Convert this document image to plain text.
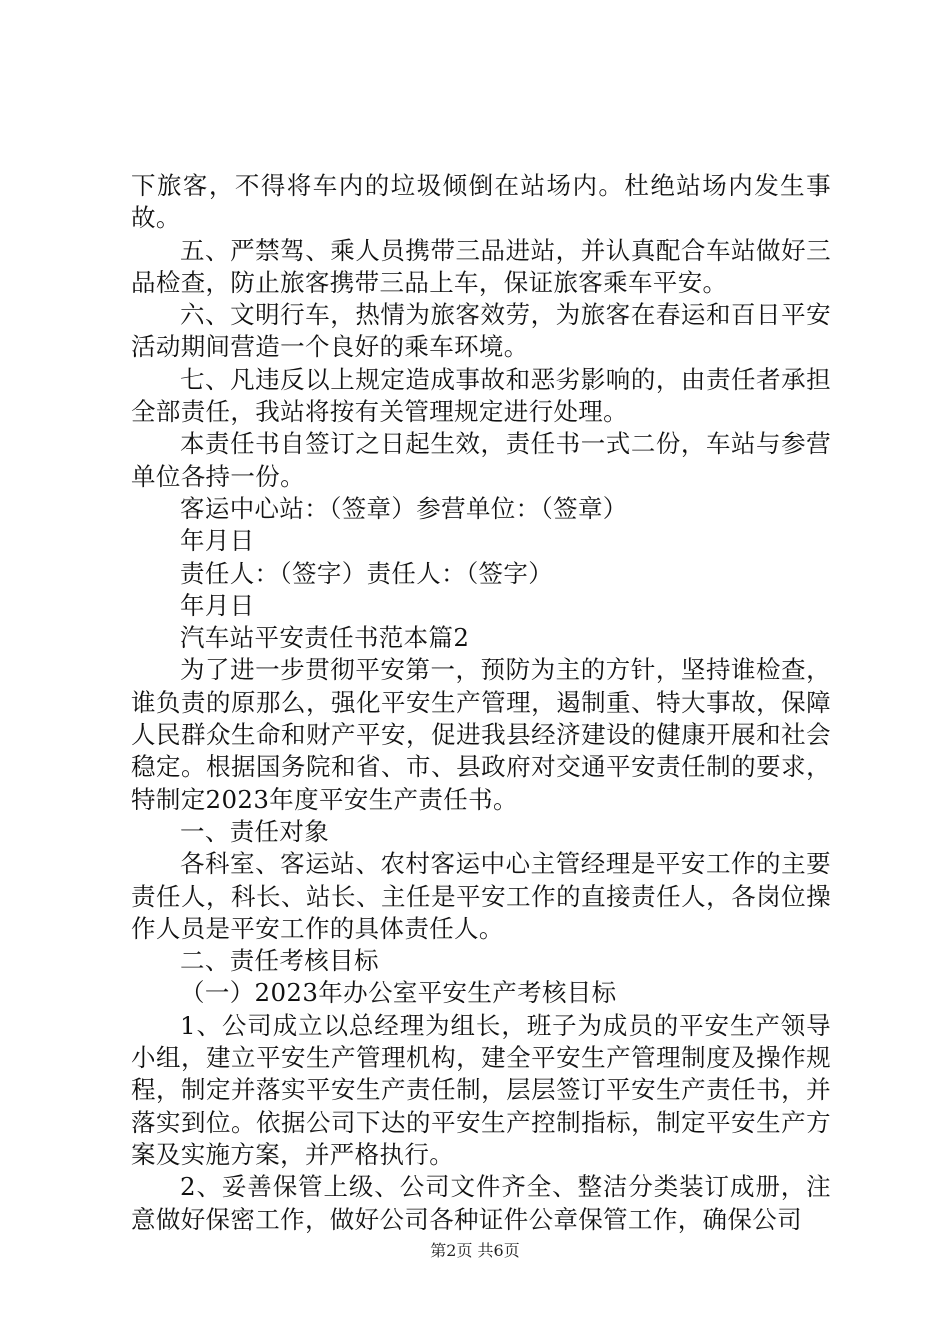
下旅客，不得将车内的垃圾倾倒在站场内。杜绝站场内发生事故。

五、严禁驾、乘人员携带三品进站，并认真配合车站做好三品检查，防止旅客携带三品上车，保证旅客乘车平安。

六、文明行车，热情为旅客效劳，为旅客在春运和百日平安活动期间营造一个良好的乘车环境。

七、凡违反以上规定造成事故和恶劣影响的，由责任者承担全部责任，我站将按有关管理规定进行处理。

本责任书自签订之日起生效，责任书一式二份，车站与参营单位各持一份。

客运中心站：（签章）参营单位：（签章）

年月日

责任人：（签字）责任人：（签字）

年月日

汽车站平安责任书范本篇2

为了进一步贯彻平安第一，预防为主的方针，坚持谁检查，谁负责的原那么，强化平安生产管理，遏制重、特大事故，保障人民群众生命和财产平安，促进我县经济建设的健康开展和社会稳定。根据国务院和省、市、县政府对交通平安责任制的要求，特制定2023年度平安生产责任书。

一、责任对象

各科室、客运站、农村客运中心主管经理是平安工作的主要责任人，科长、站长、主任是平安工作的直接责任人，各岗位操作人员是平安工作的具体责任人。

二、责任考核目标

（一）2023年办公室平安生产考核目标

1、公司成立以总经理为组长，班子为成员的平安生产领导小组，建立平安生产管理机构，建全平安生产管理制度及操作规程，制定并落实平安生产责任制，层层签订平安生产责任书，并落实到位。依据公司下达的平安生产控制指标，制定平安生产方案及实施方案，并严格执行。

2、妥善保管上级、公司文件齐全、整洁分类装订成册，注意做好保密工作，做好公司各种证件公章保管工作，确保公司

第2页 共6页
